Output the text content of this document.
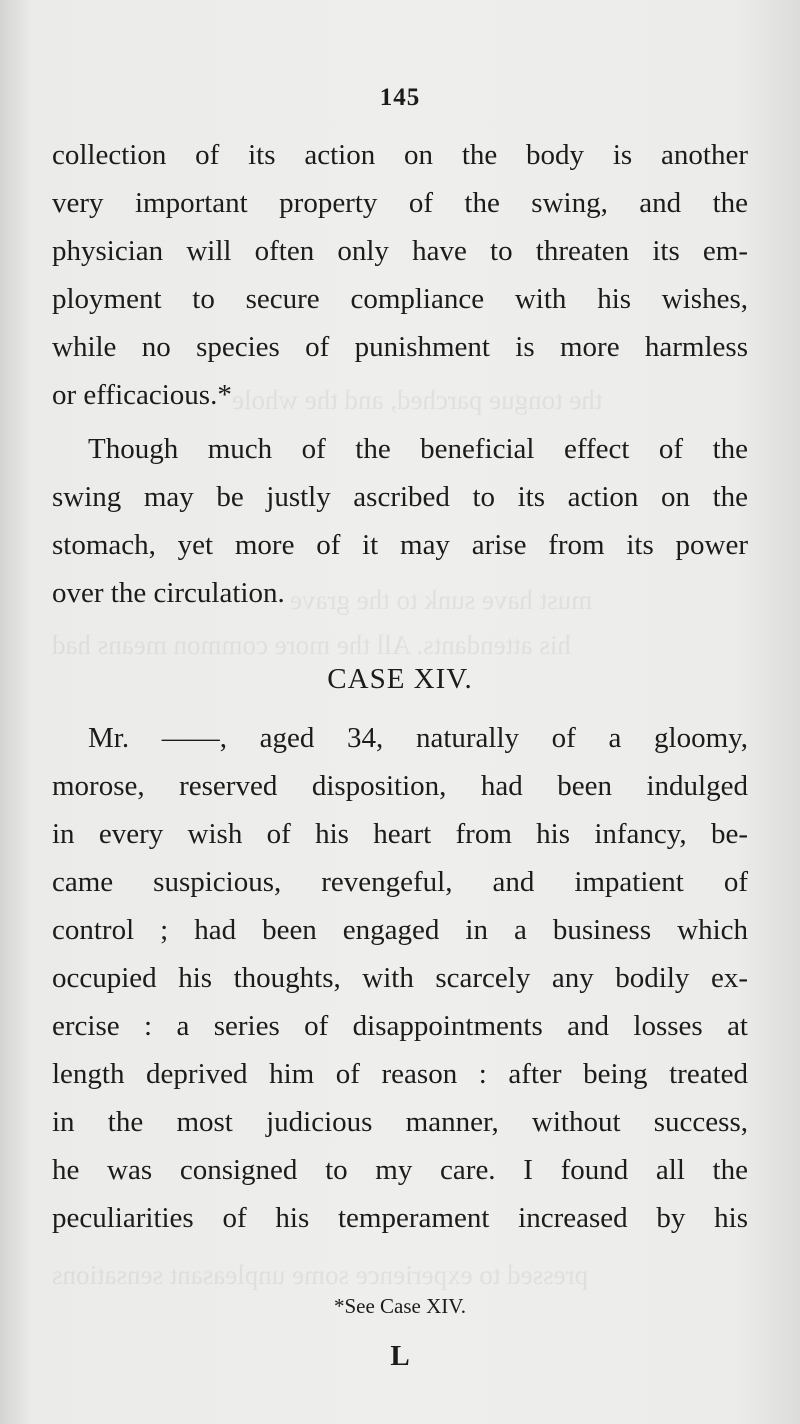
the tongue parched, and the whole
must have sunk to the grave
his attendants. All the more common means had
pressed to experience some unpleasant sensations
145
collection of its action on the body is another
very important property of the swing, and the
physician will often only have to threaten its em-
ployment to secure compliance with his wishes,
while no species of punishment is more harmless
or efficacious.*
Though much of the beneficial effect of the
swing may be justly ascribed to its action on the
stomach, yet more of it may arise from its power
over the circulation.
CASE XIV.
Mr. ——, aged 34, naturally of a gloomy,
morose, reserved disposition, had been indulged
in every wish of his heart from his infancy, be-
came suspicious, revengeful, and impatient of
control ; had been engaged in a business which
occupied his thoughts, with scarcely any bodily ex-
ercise : a series of disappointments and losses at
length deprived him of reason : after being treated
in the most judicious manner, without success,
he was consigned to my care. I found all the
peculiarities of his temperament increased by his
*See Case XIV.
L
